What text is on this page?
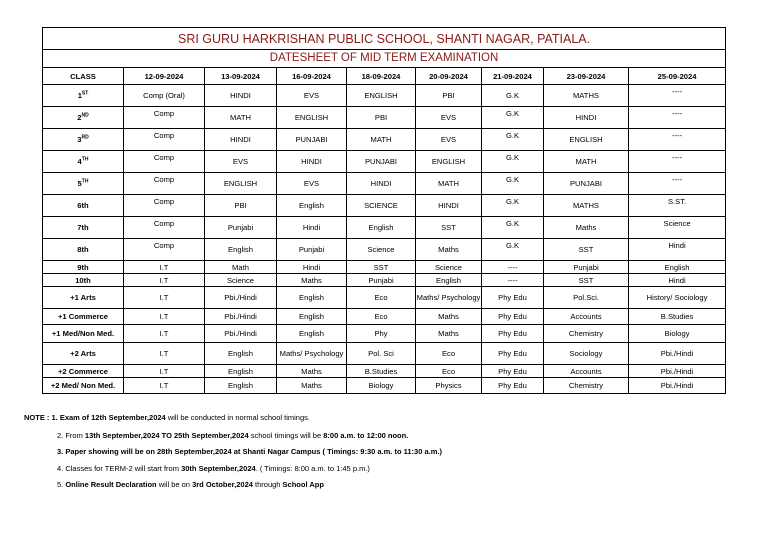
SRI GURU HARKRISHAN PUBLIC SCHOOL, SHANTI NAGAR, PATIALA.								
DATESHEET OF MID TERM EXAMINATION								
CLASS	12-09-2024	13-09-2024	16-09-2024	18-09-2024	20-09-2024	21-09-2024	23-09-2024	25-09-2024
1ST	Comp (Oral)	HINDI	EVS	ENGLISH	PBI	G.K	MATHS	----
2ND	Comp	MATH	ENGLISH	PBI	EVS	G.K	HINDI	----
3RD	Comp	HINDI	PUNJABI	MATH	EVS	G.K	ENGLISH	----
4TH	Comp	EVS	HINDI	PUNJABI	ENGLISH	G.K	MATH	----
5TH	Comp	ENGLISH	EVS	HINDI	MATH	G.K	PUNJABI	----
6th	Comp	PBI	English	SCIENCE	HINDI	G.K	MATHS	S.ST.
7th	Comp	Punjabi	Hindi	English	SST	G.K	Maths	Science
8th	Comp	English	Punjabi	Science	Maths	G.K	SST	Hindi
9th	I.T	Math	Hindi	SST	Science	----	Punjabi	English
10th	I.T	Science	Maths	Punjabi	English	----	SST	Hindi
+1 Arts	I.T	Pbi./Hindi	English	Eco	Maths/ Psychology	Phy Edu	Pol.Sci.	History/ Sociology
+1 Commerce	I.T	Pbi./Hindi	English	Eco	Maths	Phy Edu	Accounts	B.Studies
+1 Med/Non Med.	I.T	Pbi./Hindi	English	Phy	Maths	Phy Edu	Chemistry	Biology
+2 Arts	I.T	English	Maths/ Psychology	Pol. Sci	Eco	Phy Edu	Sociology	Pbi./Hindi
+2 Commerce	I.T	English	Maths	B.Studies	Eco	Phy Edu	Accounts	Pbi./Hindi
+2 Med/ Non Med.	I.T	English	Maths	Biology	Physics	Phy Edu	Chemistry	Pbi./Hindi
NOTE : 1. Exam of 12th September,2024 will be conducted in normal school timings.
2. From 13th September,2024 TO 25th September,2024 school timings will be 8:00 a.m. to 12:00 noon.
3. Paper showing will be on 28th September,2024 at Shanti Nagar Campus ( Timings: 9:30 a.m. to 11:30 a.m.)
4. Classes for TERM-2 will start from 30th September,2024. ( Timings: 8:00 a.m. to 1:45 p.m.)
5. Online Result Declaration will be on 3rd October,2024 through School App
